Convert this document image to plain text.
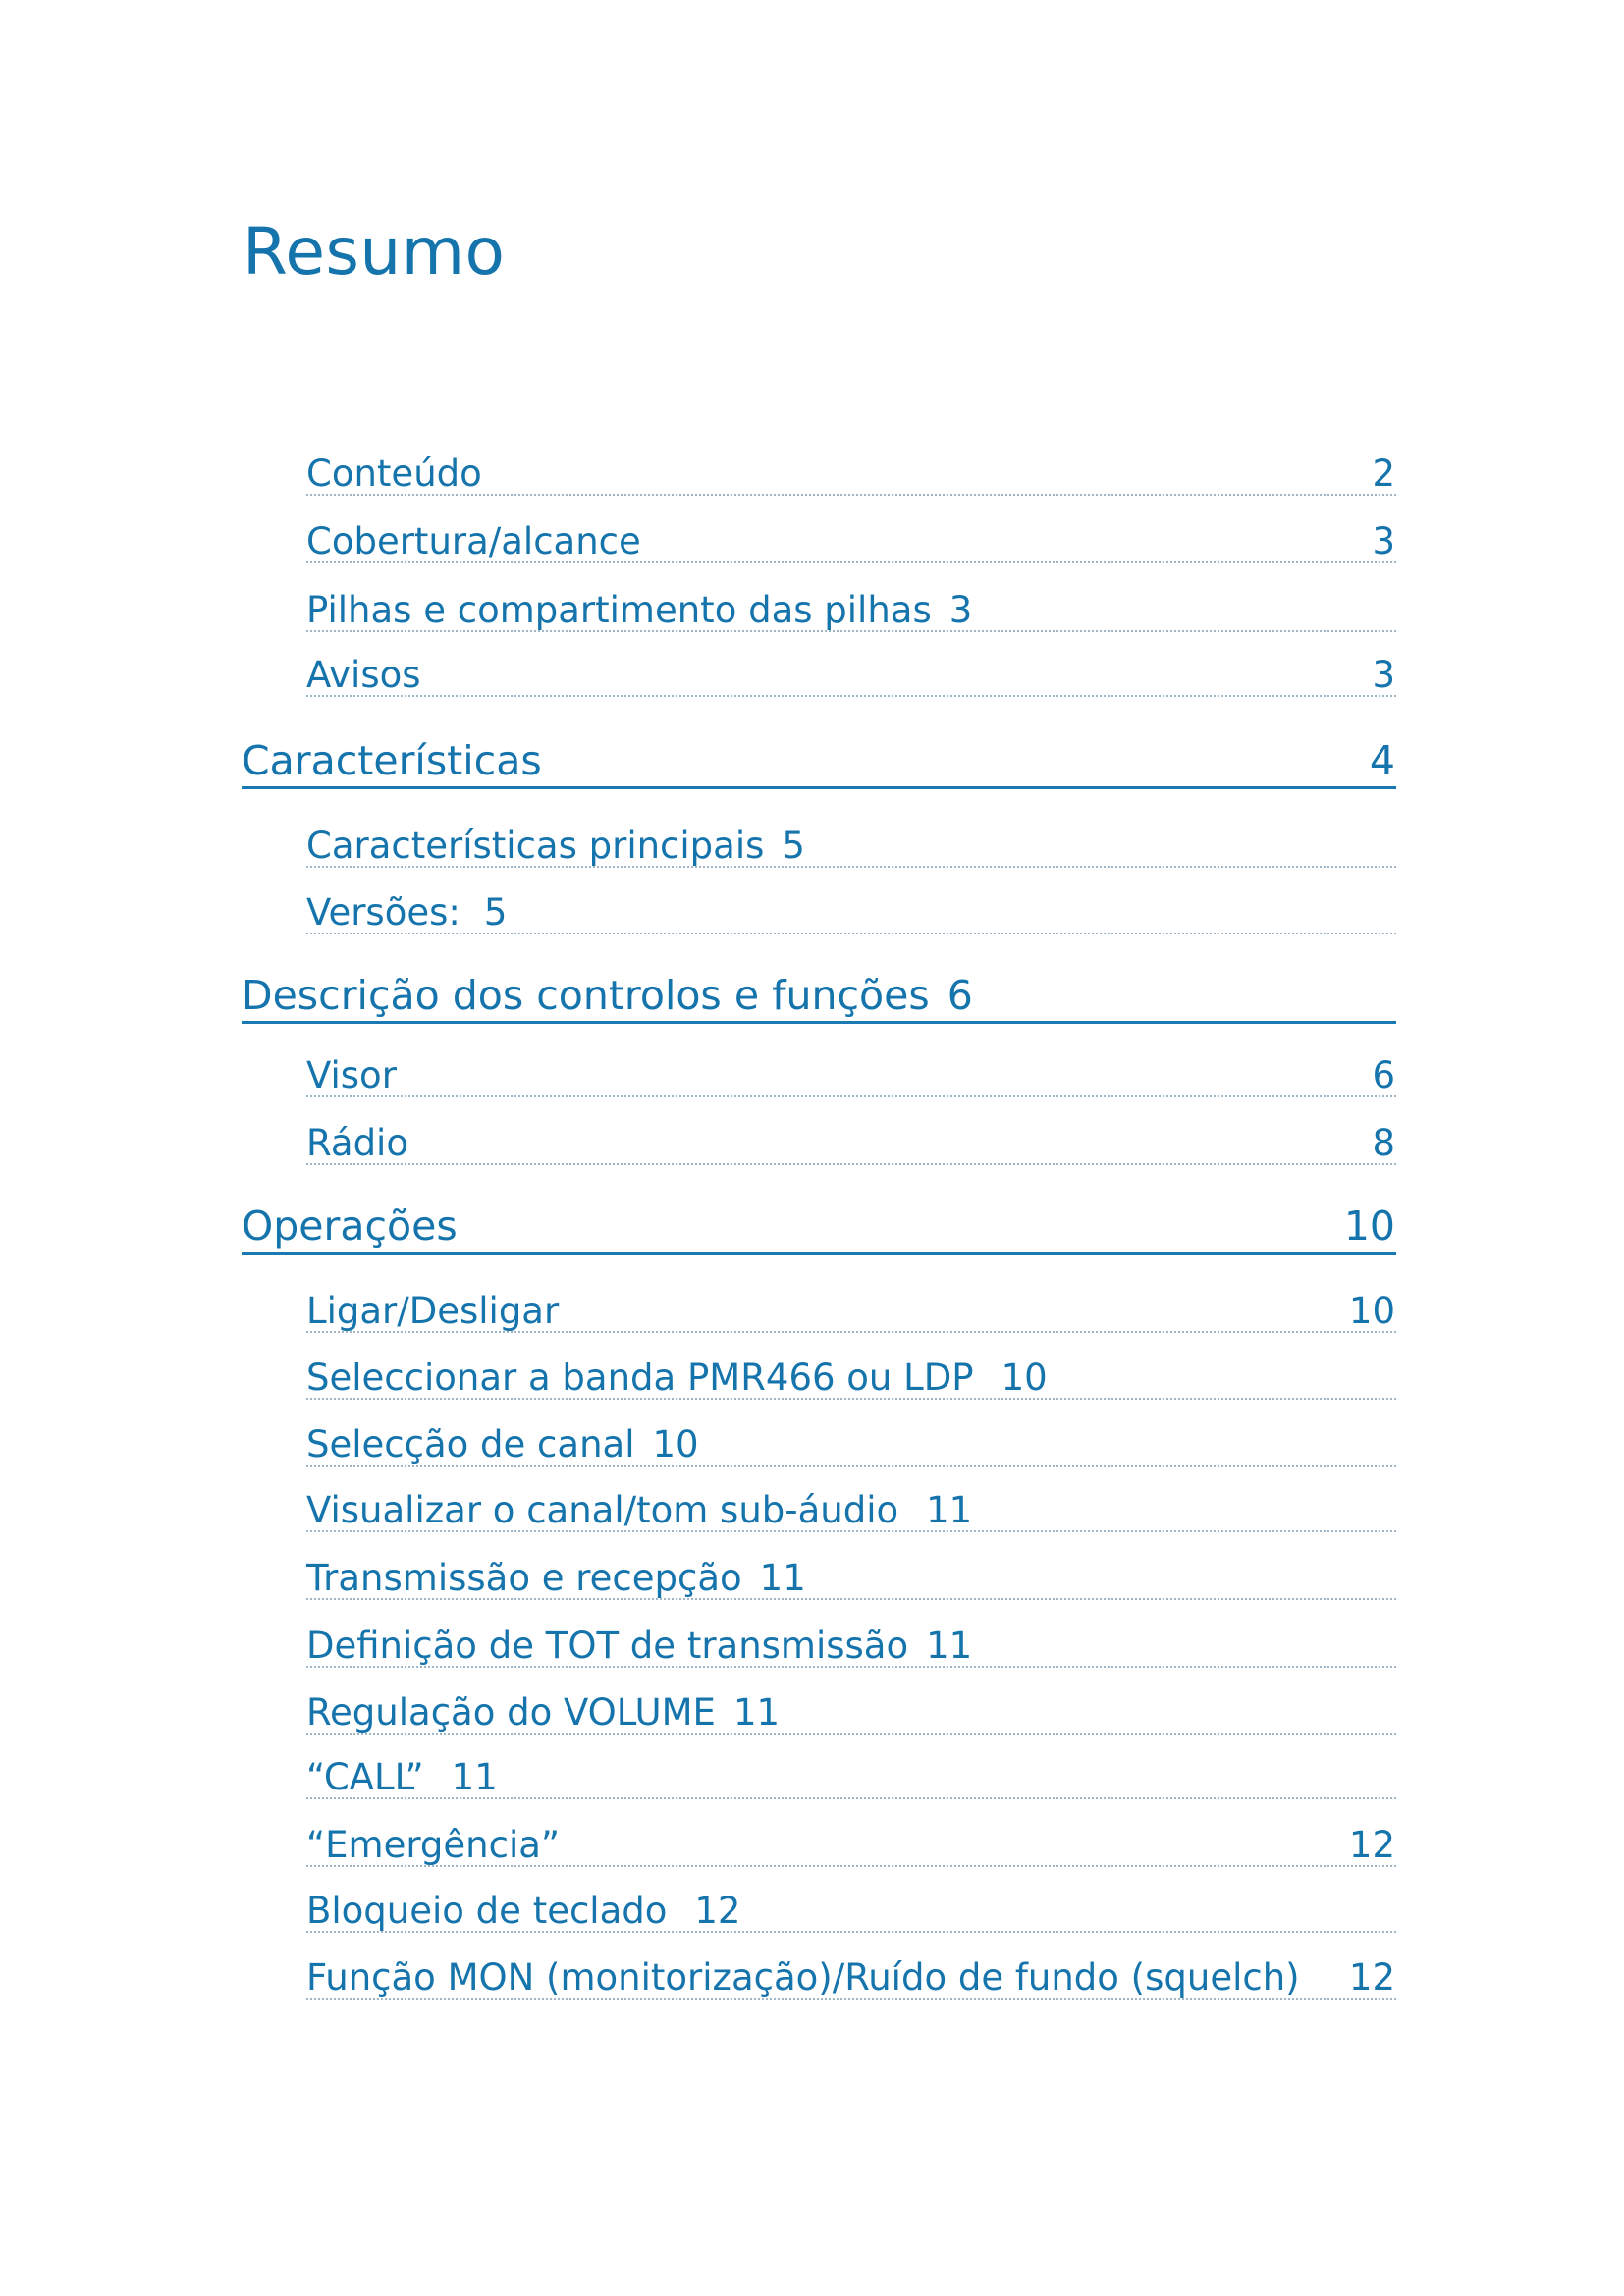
Resumo
Conteúdo	2
Cobertura/alcance	3
Pilhas e compartimento das pilhas 3
Avisos	3
Características	4
Características principais 5
Versões: 5
Descrição dos controlos e funções 6
Visor	6
Rádio	8
Operações	10
Ligar/Desligar	10
Seleccionar a banda PMR466 ou LDP 10
Selecção de canal 10
Visualizar o canal/tom sub-áudio 11
Transmissão e recepção 11
Definição de TOT de transmissão 11
Regulação do VOLUME 11
“CALL” 11
“Emergência”	12
Bloqueio de teclado 12
Função MON (monitorização)/Ruído de fundo (squelch) 12
